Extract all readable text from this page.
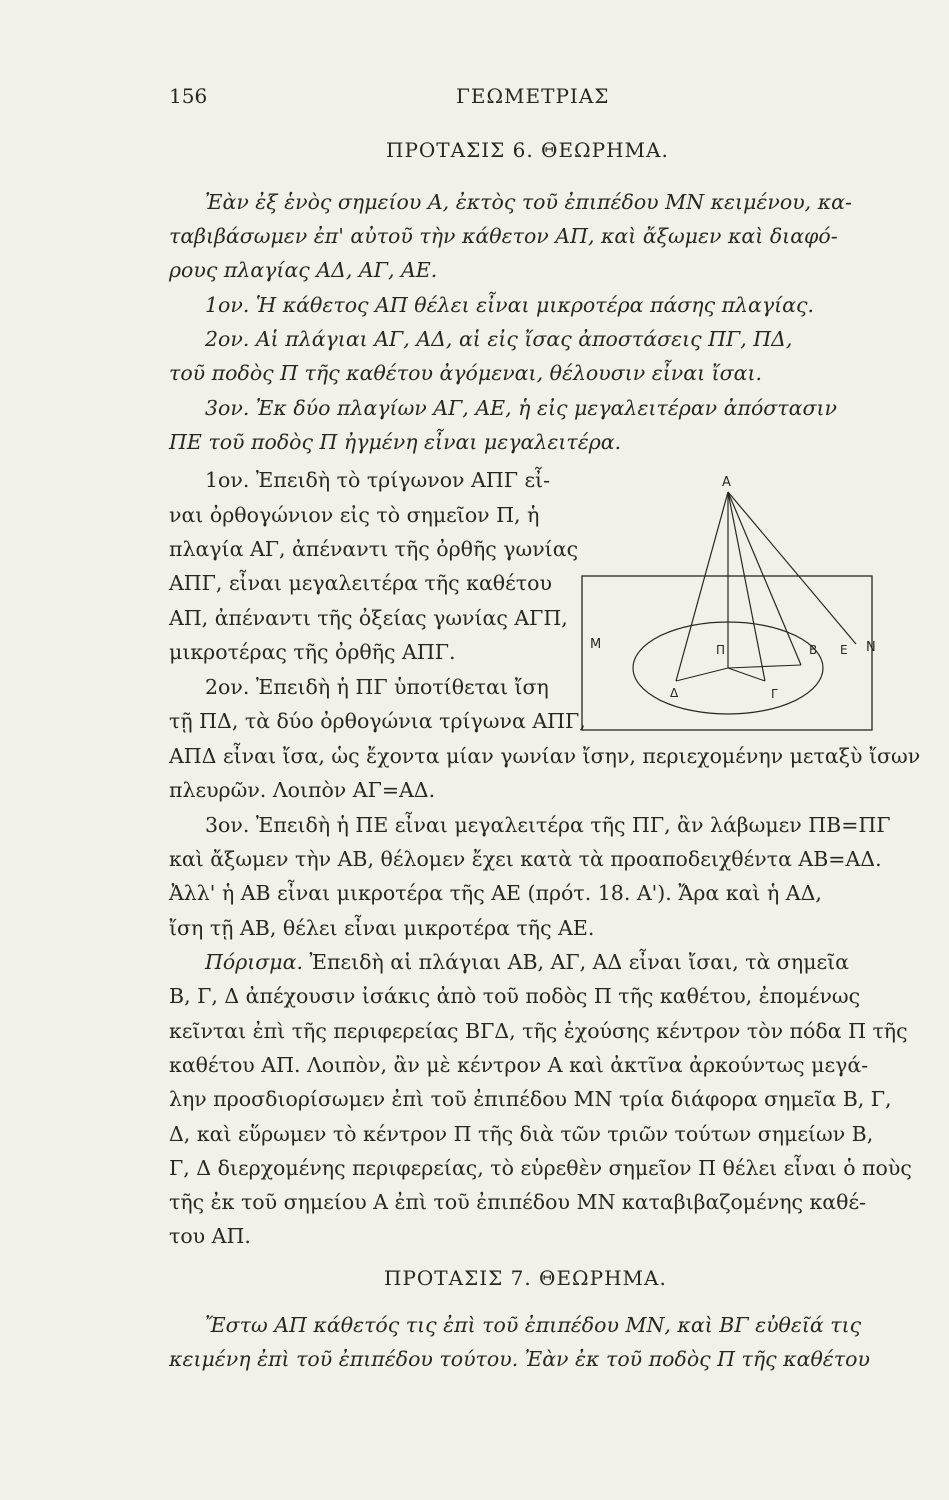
156	ΓΕΩΜΕΤΡΙΑΣ
ΠΡΟΤΑΣΙΣ 6. ΘΕΩΡΗΜΑ.
Ἐὰν ἐξ ἑνὸς σημείου Α, ἐκτὸς τοῦ ἐπιπέδου ΜΝ κειμένου, κα-
ταβιβάσωμεν ἐπ' αὐτοῦ τὴν κάθετον ΑΠ, καὶ ἄξωμεν καὶ διαφό-
ρους πλαγίας ΑΔ, ΑΓ, ΑΕ.
1ον. Ἡ κάθετος ΑΠ θέλει εἶναι μικροτέρα πάσης πλαγίας.
2ον. Αἱ πλάγιαι ΑΓ, ΑΔ, αἱ εἰς ἴσας ἀποστάσεις ΠΓ, ΠΔ,
τοῦ ποδὸς Π τῆς καθέτου ἀγόμεναι, θέλουσιν εἶναι ἴσαι.
3ον. Ἐκ δύο πλαγίων ΑΓ, ΑΕ, ἡ εἰς μεγαλειτέραν ἀπόστασιν
ΠΕ τοῦ ποδὸς Π ἠγμένη εἶναι μεγαλειτέρα.
1ον. Ἐπειδὴ τὸ τρίγωνον ΑΠΓ εἶ-
ναι ὀρθογώνιον εἰς τὸ σημεῖον Π, ἡ
πλαγία ΑΓ, ἀπέναντι τῆς ὀρθῆς γωνίας
ΑΠΓ, εἶναι μεγαλειτέρα τῆς καθέτου
ΑΠ, ἀπέναντι τῆς ὀξείας γωνίας ΑΓΠ,
μικροτέρας τῆς ὀρθῆς ΑΠΓ.
2ον. Ἐπειδὴ ἡ ΠΓ ὑποτίθεται ἴση
τῇ ΠΔ, τὰ δύο ὀρθογώνια τρίγωνα ΑΠΓ,
Α
Μ	Ν
Π	Β Ε
Δ	Γ
ΑΠΔ εἶναι ἴσα, ὡς ἔχοντα μίαν γωνίαν ἴσην, περιεχομένην μεταξὺ ἴσων
πλευρῶν. Λοιπὸν ΑΓ=ΑΔ.
3ον. Ἐπειδὴ ἡ ΠΕ εἶναι μεγαλειτέρα τῆς ΠΓ, ἂν λάβωμεν ΠΒ=ΠΓ
καὶ ἄξωμεν τὴν ΑΒ, θέλομεν ἔχει κατὰ τὰ προαποδειχθέντα ΑΒ=ΑΔ.
Ἀλλ' ἡ ΑΒ εἶναι μικροτέρα τῆς ΑΕ (πρότ. 18. Α'). Ἄρα καὶ ἡ ΑΔ,
ἴση τῇ ΑΒ, θέλει εἶναι μικροτέρα τῆς ΑΕ.
Πόρισμα. Ἐπειδὴ αἱ πλάγιαι ΑΒ, ΑΓ, ΑΔ εἶναι ἴσαι, τὰ σημεῖα
Β, Γ, Δ ἀπέχουσιν ἰσάκις ἀπὸ τοῦ ποδὸς Π τῆς καθέτου, ἐπομένως
κεῖνται ἐπὶ τῆς περιφερείας ΒΓΔ, τῆς ἐχούσης κέντρον τὸν πόδα Π τῆς
καθέτου ΑΠ. Λοιπὸν, ἂν μὲ κέντρον Α καὶ ἀκτῖνα ἀρκούντως μεγά-
λην προσδιορίσωμεν ἐπὶ τοῦ ἐπιπέδου ΜΝ τρία διάφορα σημεῖα Β, Γ,
Δ, καὶ εὕρωμεν τὸ κέντρον Π τῆς διὰ τῶν τριῶν τούτων σημείων Β,
Γ, Δ διερχομένης περιφερείας, τὸ εὑρεθὲν σημεῖον Π θέλει εἶναι ὁ ποὺς
τῆς ἐκ τοῦ σημείου Α ἐπὶ τοῦ ἐπιπέδου ΜΝ καταβιβαζομένης καθέ-
του ΑΠ.
ΠΡΟΤΑΣΙΣ 7. ΘΕΩΡΗΜΑ.
Ἔστω ΑΠ κάθετός τις ἐπὶ τοῦ ἐπιπέδου ΜΝ, καὶ ΒΓ εὐθεῖά τις
κειμένη ἐπὶ τοῦ ἐπιπέδου τούτου. Ἐὰν ἐκ τοῦ ποδὸς Π τῆς καθέτου
